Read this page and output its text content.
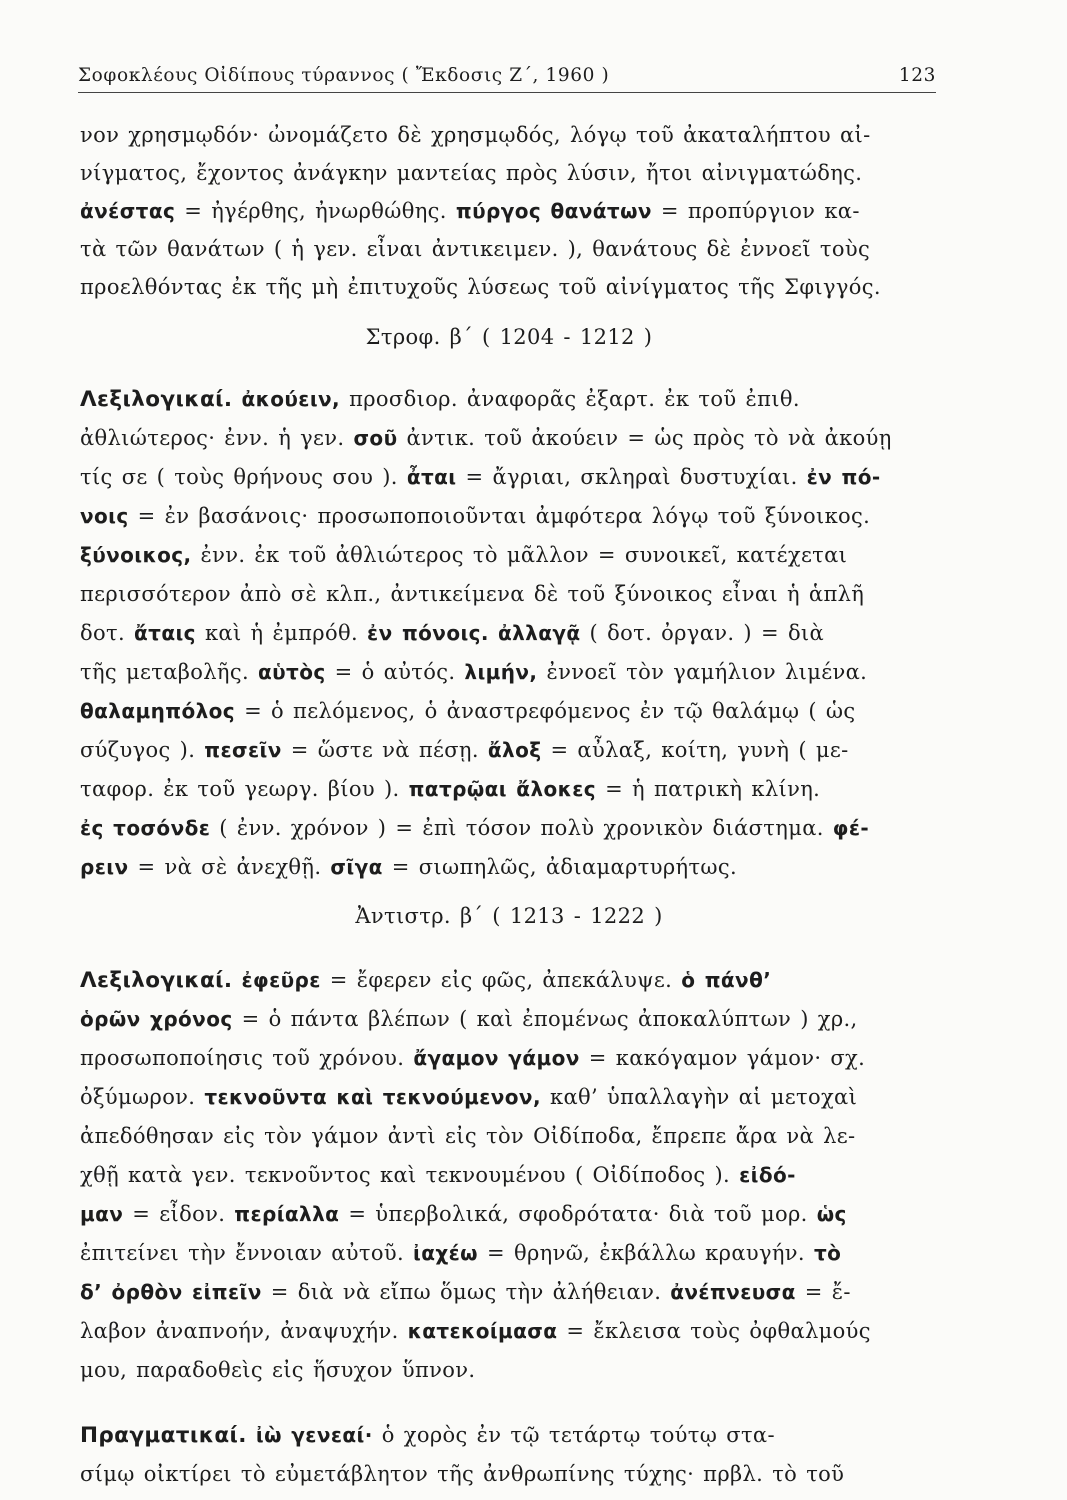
Σοφοκλέους Οἰδίπους τύραννος ( Ἔκδοσις Ζ΄, 1960 )	123
νον χρησμῳδόν· ὠνομάζετο δὲ χρησμῳδός, λόγῳ τοῦ ἀκαταλήπτου αἰ-
νίγματος, ἔχοντος ἀνάγκην μαντείας πρὸς λύσιν, ἤτοι αἰνιγματώδης.
ἀνέστας = ἠγέρθης, ἠνωρθώθης. πύργος θανάτων = προπύργιον κα-
τὰ τῶν θανάτων ( ἡ γεν. εἶναι ἀντικειμεν. ), θανάτους δὲ ἐννοεῖ τοὺς
προελθόντας ἐκ τῆς μὴ ἐπιτυχοῦς λύσεως τοῦ αἰνίγματος τῆς Σφιγγός.
Στροφ. β΄ ( 1204 - 1212 )
Λεξιλογικαί. ἀκούειν, προσδιορ. ἀναφορᾶς ἐξαρτ. ἐκ τοῦ ἐπιθ.
ἀθλιώτερος· ἐνν. ἡ γεν. σοῦ ἀντικ. τοῦ ἀκούειν = ὡς πρὸς τὸ νὰ ἀκούῃ
τίς σε ( τοὺς θρήνους σου ). ἆται = ἄγριαι, σκληραὶ δυστυχίαι. ἐν πό-
νοις = ἐν βασάνοις· προσωποποιοῦνται ἀμφότερα λόγῳ τοῦ ξύνοικος.
ξύνοικος, ἐνν. ἐκ τοῦ ἀθλιώτερος τὸ μᾶλλον = συνοικεῖ, κατέχεται
περισσότερον ἀπὸ σὲ κλπ., ἀντικείμενα δὲ τοῦ ξύνοικος εἶναι ἡ ἁπλῆ
δοτ. ἄταις καὶ ἡ ἐμπρόθ. ἐν πόνοις. ἀλλαγᾷ ( δοτ. ὀργαν. ) = διὰ
τῆς μεταβολῆς. αὑτὸς = ὁ αὐτός. λιμήν, ἐννοεῖ τὸν γαμήλιον λιμένα.
θαλαμηπόλος = ὁ πελόμενος, ὁ ἀναστρεφόμενος ἐν τῷ θαλάμῳ ( ὡς
σύζυγος ). πεσεῖν = ὥστε νὰ πέσῃ. ἄλοξ = αὖλαξ, κοίτη, γυνὴ ( με-
ταφορ. ἐκ τοῦ γεωργ. βίου ). πατρῷαι ἄλοκες = ἡ πατρικὴ κλίνη.
ἐς τοσόνδε ( ἐνν. χρόνον ) = ἐπὶ τόσον πολὺ χρονικὸν διάστημα. φέ-
ρειν = νὰ σὲ ἀνεχθῇ. σῖγα = σιωπηλῶς, ἀδιαμαρτυρήτως.
Ἀντιστρ. β΄ ( 1213 - 1222 )
Λεξιλογικαί. ἐφεῦρε = ἔφερεν εἰς φῶς, ἀπεκάλυψε. ὁ πάνθ’
ὁρῶν χρόνος = ὁ πάντα βλέπων ( καὶ ἐπομένως ἀποκαλύπτων ) χρ.,
προσωποποίησις τοῦ χρόνου. ἄγαμον γάμον = κακόγαμον γάμον· σχ.
ὀξύμωρον. τεκνοῦντα καὶ τεκνούμενον, καθ’ ὑπαλλαγὴν αἱ μετοχαὶ
ἀπεδόθησαν εἰς τὸν γάμον ἀντὶ εἰς τὸν Οἰδίποδα, ἔπρεπε ἄρα νὰ λε-
χθῇ κατὰ γεν. τεκνοῦντος καὶ τεκνουμένου ( Οἰδίποδος ). εἰδό-
μαν = εἶδον. περίαλλα = ὑπερβολικά, σφοδρότατα· διὰ τοῦ μορ. ὡς
ἐπιτείνει τὴν ἔννοιαν αὐτοῦ. ἰαχέω = θρηνῶ, ἐκβάλλω κραυγήν. τὸ
δ’ ὀρθὸν εἰπεῖν = διὰ νὰ εἴπω ὅμως τὴν ἀλήθειαν. ἀνέπνευσα = ἔ-
λαβον ἀναπνοήν, ἀναψυχήν. κατεκοίμασα = ἔκλεισα τοὺς ὀφθαλμούς
μου, παραδοθεὶς εἰς ἥσυχον ὕπνον.
Πραγματικαί. ἰὼ γενεαί· ὁ χορὸς ἐν τῷ τετάρτῳ τούτῳ στα-
σίμῳ οἰκτίρει τὸ εὐμετάβλητον τῆς ἀνθρωπίνης τύχης· πρβλ. τὸ τοῦ
